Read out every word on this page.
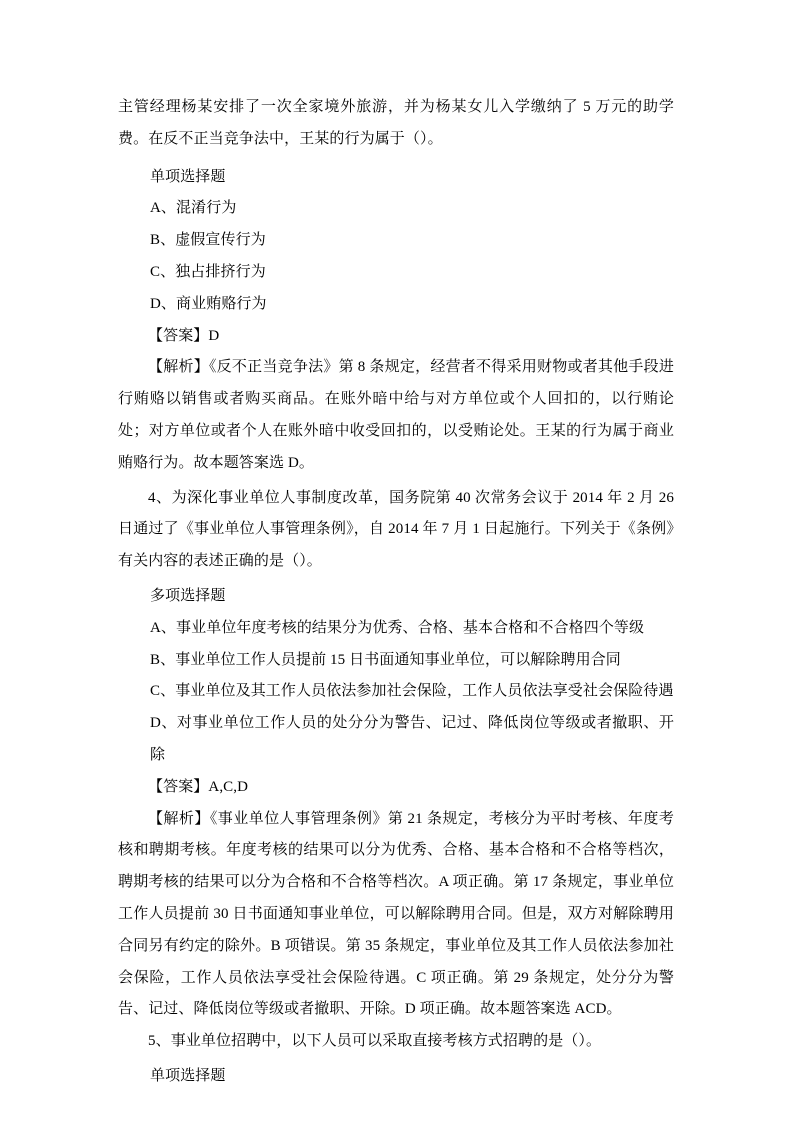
主管经理杨某安排了一次全家境外旅游，并为杨某女儿入学缴纳了 5 万元的助学费。在反不正当竞争法中，王某的行为属于（）。

单项选择题

A、混淆行为

B、虚假宣传行为

C、独占排挤行为

D、商业贿赂行为

【答案】D

【解析】《反不正当竞争法》第 8 条规定，经营者不得采用财物或者其他手段进行贿赂以销售或者购买商品。在账外暗中给与对方单位或个人回扣的，以行贿论处；对方单位或者个人在账外暗中收受回扣的，以受贿论处。王某的行为属于商业贿赂行为。故本题答案选 D。

4、为深化事业单位人事制度改革，国务院第 40 次常务会议于 2014 年 2 月 26 日通过了《事业单位人事管理条例》，自 2014 年 7 月 1 日起施行。下列关于《条例》有关内容的表述正确的是（）。

多项选择题

A、事业单位年度考核的结果分为优秀、合格、基本合格和不合格四个等级

B、事业单位工作人员提前 15 日书面通知事业单位，可以解除聘用合同

C、事业单位及其工作人员依法参加社会保险，工作人员依法享受社会保险待遇

D、对事业单位工作人员的处分分为警告、记过、降低岗位等级或者撤职、开除

【答案】A,C,D

【解析】《事业单位人事管理条例》第 21 条规定，考核分为平时考核、年度考核和聘期考核。年度考核的结果可以分为优秀、合格、基本合格和不合格等档次，聘期考核的结果可以分为合格和不合格等档次。A 项正确。第 17 条规定，事业单位工作人员提前 30 日书面通知事业单位，可以解除聘用合同。但是，双方对解除聘用合同另有约定的除外。B 项错误。第 35 条规定，事业单位及其工作人员依法参加社会保险，工作人员依法享受社会保险待遇。C 项正确。第 29 条规定，处分分为警告、记过、降低岗位等级或者撤职、开除。D 项正确。故本题答案选 ACD。

5、事业单位招聘中，以下人员可以采取直接考核方式招聘的是（）。

单项选择题
